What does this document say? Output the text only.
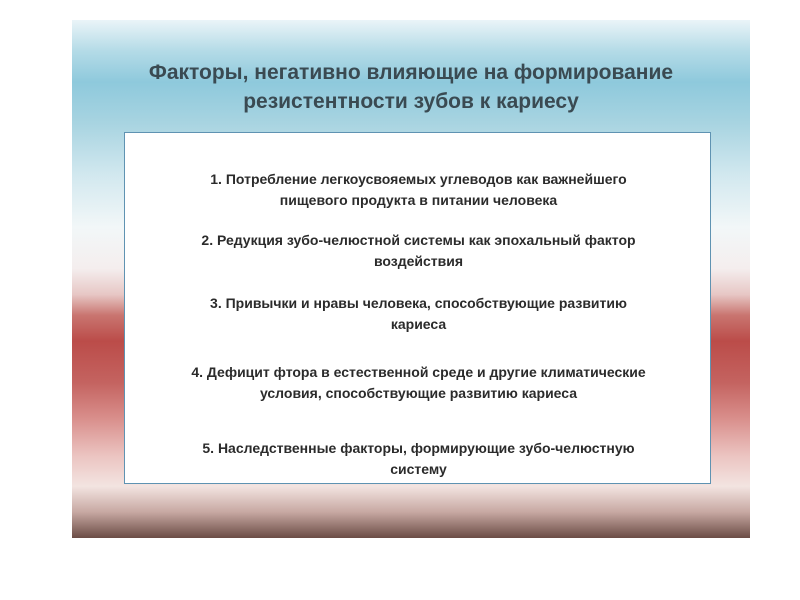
Факторы, негативно влияющие на формирование
резистентности зубов к кариесу
1. Потребление легкоусвояемых углеводов как важнейшего
пищевого продукта в питании человека
2. Редукция зубо-челюстной системы как эпохальный фактор
воздействия
3. Привычки и нравы человека, способствующие развитию
кариеса
4. Дефицит фтора в естественной среде и другие климатические
условия, способствующие развитию кариеса
5. Наследственные факторы, формирующие зубо-челюстную
систему
